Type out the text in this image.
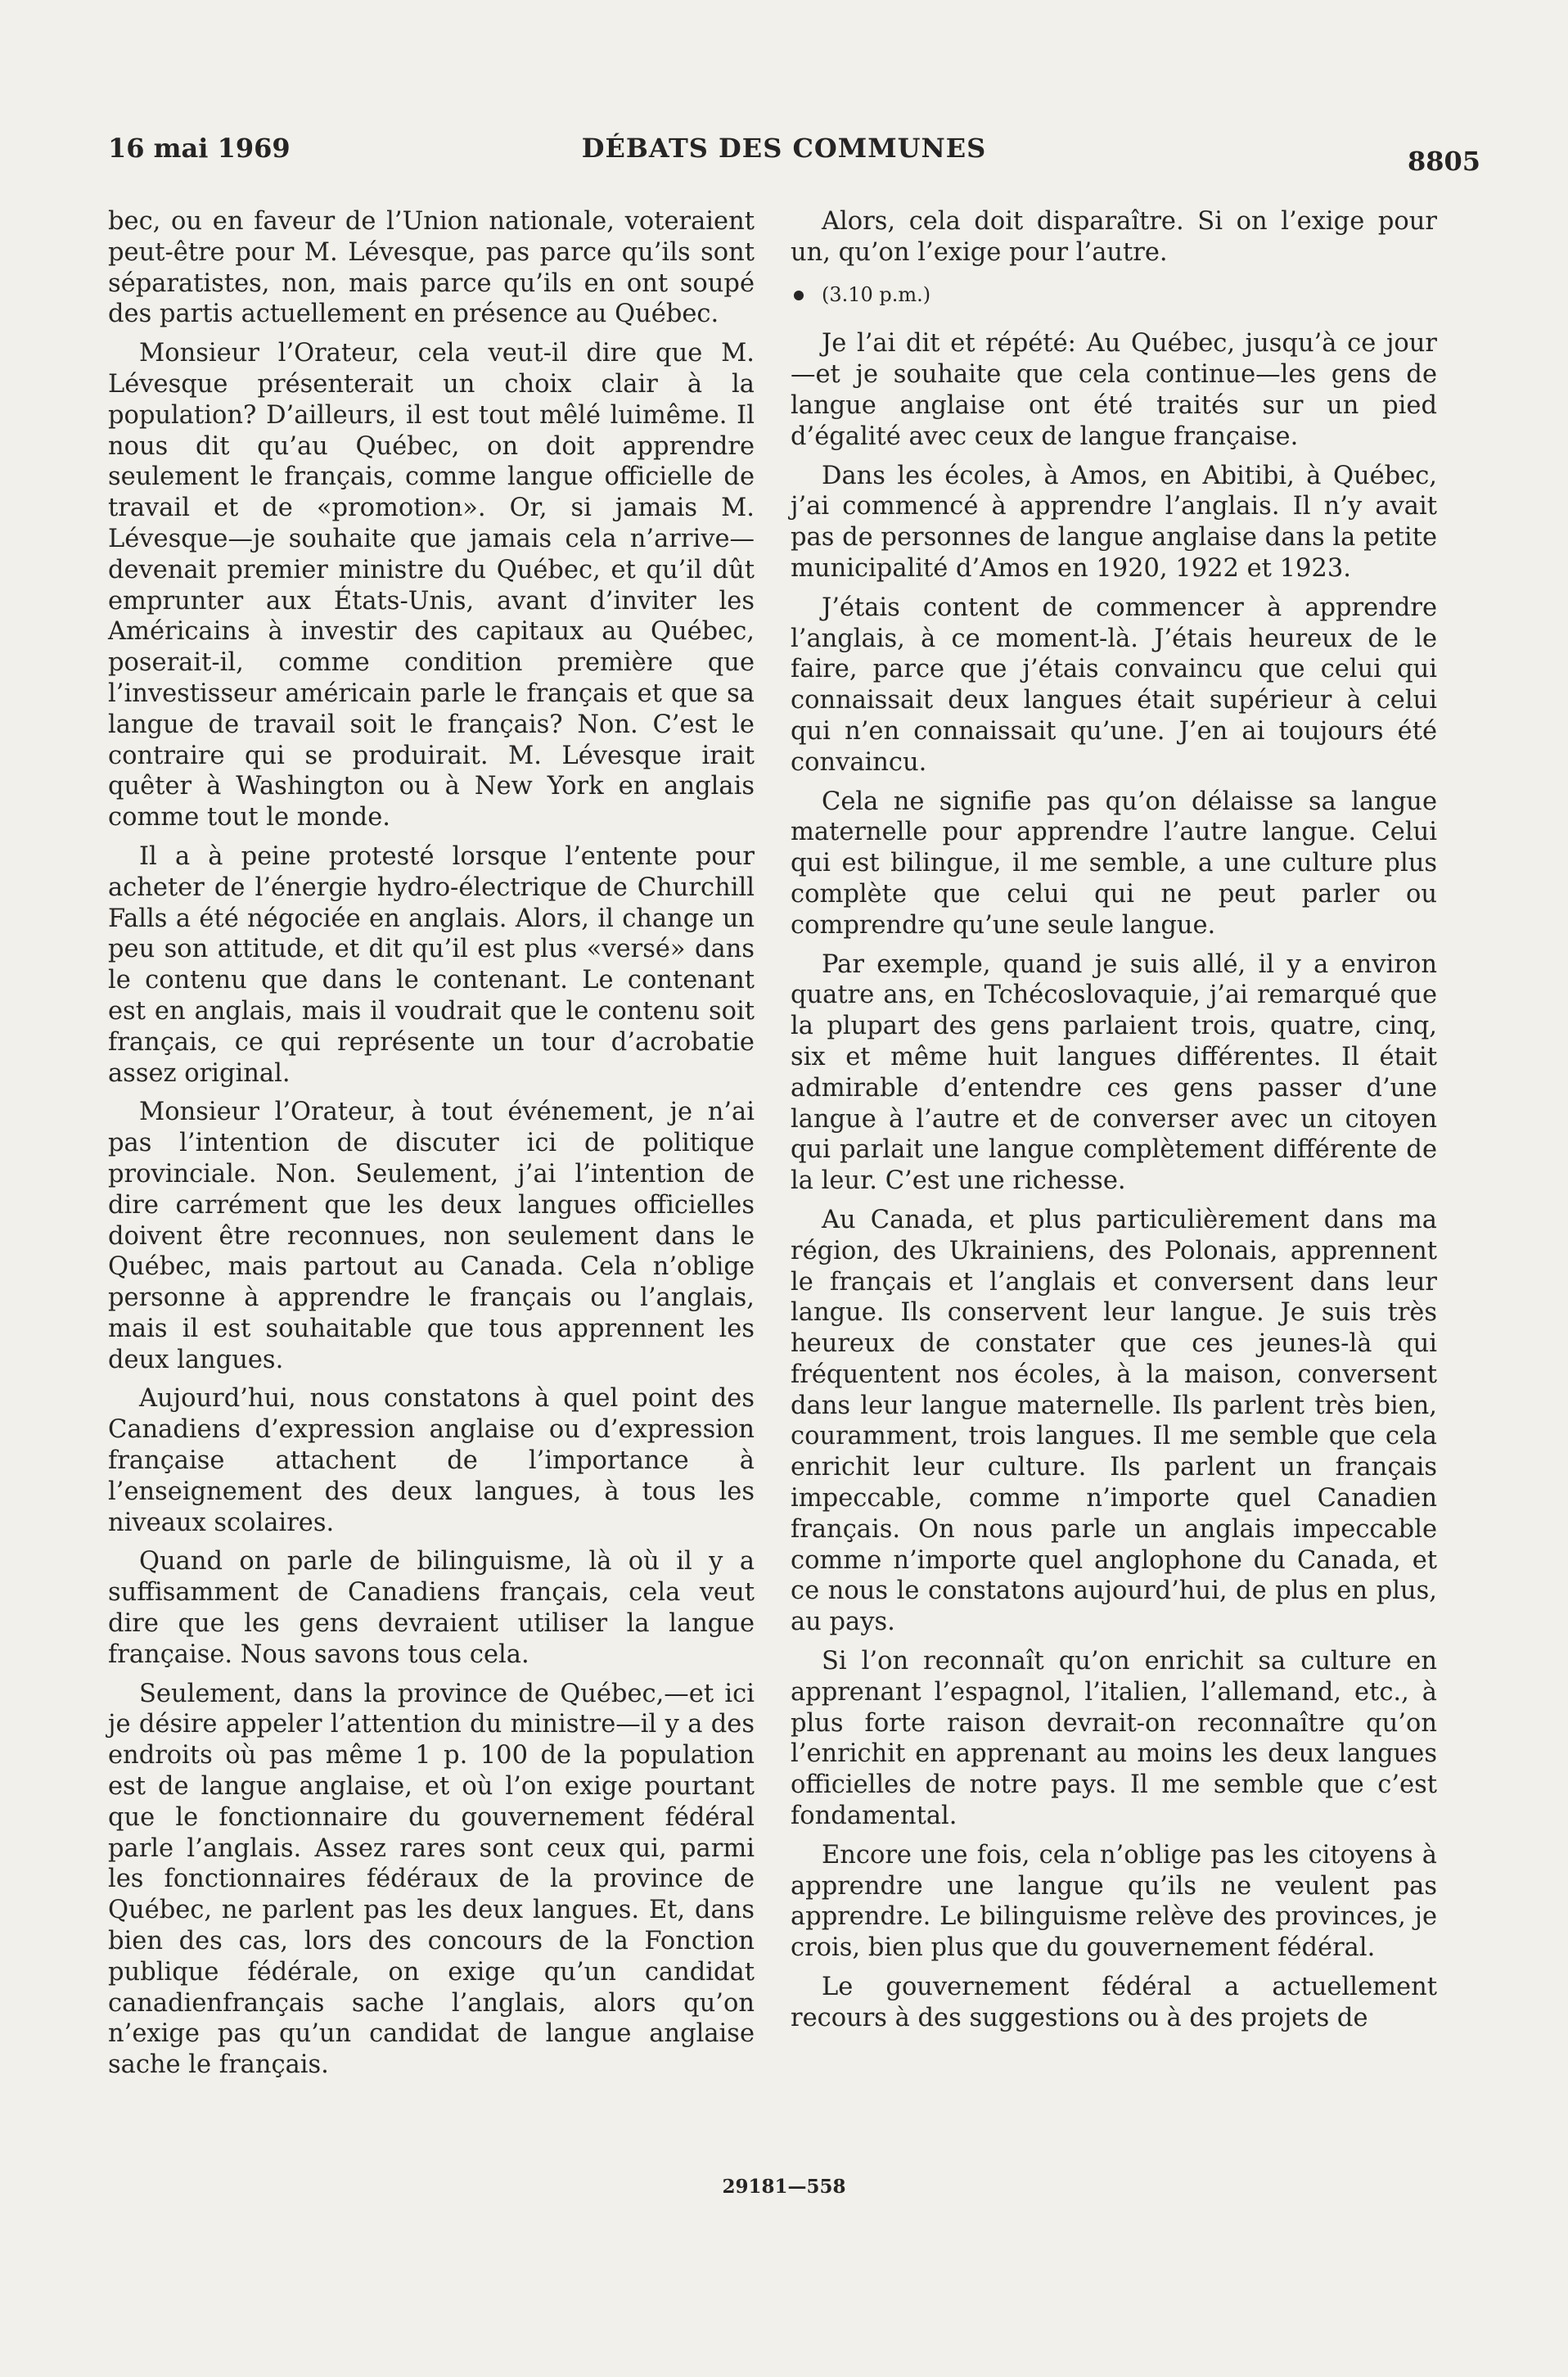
16 mai 1969	DÉBATS DES COMMUNES	8805

bec, ou en faveur de l’Union nationale, voteraient peut-être pour M. Lévesque, pas parce qu’ils sont séparatistes, non, mais parce qu’ils en ont soupé des partis actuellement en présence au Québec.

Monsieur l’Orateur, cela veut-il dire que M. Lévesque présenterait un choix clair à la population? D’ailleurs, il est tout mêlé luimême. Il nous dit qu’au Québec, on doit apprendre seulement le français, comme langue officielle de travail et de «promotion». Or, si jamais M. Lévesque—je souhaite que jamais cela n’arrive—devenait premier ministre du Québec, et qu’il dût emprunter aux États-Unis, avant d’inviter les Américains à investir des capitaux au Québec, poserait-il, comme condition première que l’investisseur américain parle le français et que sa langue de travail soit le français? Non. C’est le contraire qui se produirait. M. Lévesque irait quêter à Washington ou à New York en anglais comme tout le monde.

Il a à peine protesté lorsque l’entente pour acheter de l’énergie hydro-électrique de Churchill Falls a été négociée en anglais. Alors, il change un peu son attitude, et dit qu’il est plus «versé» dans le contenu que dans le contenant. Le contenant est en anglais, mais il voudrait que le contenu soit français, ce qui représente un tour d’acrobatie assez original.

Monsieur l’Orateur, à tout événement, je n’ai pas l’intention de discuter ici de politique provinciale. Non. Seulement, j’ai l’intention de dire carrément que les deux langues officielles doivent être reconnues, non seulement dans le Québec, mais partout au Canada. Cela n’oblige personne à apprendre le français ou l’anglais, mais il est souhaitable que tous apprennent les deux langues.

Aujourd’hui, nous constatons à quel point des Canadiens d’expression anglaise ou d’expression française attachent de l’importance à l’enseignement des deux langues, à tous les niveaux scolaires.

Quand on parle de bilinguisme, là où il y a suffisamment de Canadiens français, cela veut dire que les gens devraient utiliser la langue française. Nous savons tous cela.

Seulement, dans la province de Québec,—et ici je désire appeler l’attention du ministre—il y a des endroits où pas même 1 p. 100 de la population est de langue anglaise, et où l’on exige pourtant que le fonctionnaire du gouvernement fédéral parle l’anglais. Assez rares sont ceux qui, parmi les fonctionnaires fédéraux de la province de Québec, ne parlent pas les deux langues. Et, dans bien des cas, lors des concours de la Fonction publique fédérale, on exige qu’un candidat canadienfrançais sache l’anglais, alors qu’on n’exige pas qu’un candidat de langue anglaise sache le français.

Alors, cela doit disparaître. Si on l’exige pour un, qu’on l’exige pour l’autre.

(3.10 p.m.)

Je l’ai dit et répété: Au Québec, jusqu’à ce jour—et je souhaite que cela continue—les gens de langue anglaise ont été traités sur un pied d’égalité avec ceux de langue française.

Dans les écoles, à Amos, en Abitibi, à Québec, j’ai commencé à apprendre l’anglais. Il n’y avait pas de personnes de langue anglaise dans la petite municipalité d’Amos en 1920, 1922 et 1923.

J’étais content de commencer à apprendre l’anglais, à ce moment-là. J’étais heureux de le faire, parce que j’étais convaincu que celui qui connaissait deux langues était supérieur à celui qui n’en connaissait qu’une. J’en ai toujours été convaincu.

Cela ne signifie pas qu’on délaisse sa langue maternelle pour apprendre l’autre langue. Celui qui est bilingue, il me semble, a une culture plus complète que celui qui ne peut parler ou comprendre qu’une seule langue.

Par exemple, quand je suis allé, il y a environ quatre ans, en Tchécoslovaquie, j’ai remarqué que la plupart des gens parlaient trois, quatre, cinq, six et même huit langues différentes. Il était admirable d’entendre ces gens passer d’une langue à l’autre et de converser avec un citoyen qui parlait une langue complètement différente de la leur. C’est une richesse.

Au Canada, et plus particulièrement dans ma région, des Ukrainiens, des Polonais, apprennent le français et l’anglais et conversent dans leur langue. Ils conservent leur langue. Je suis très heureux de constater que ces jeunes-là qui fréquentent nos écoles, à la maison, conversent dans leur langue maternelle. Ils parlent très bien, couramment, trois langues. Il me semble que cela enrichit leur culture. Ils parlent un français impeccable, comme n’importe quel Canadien français. On nous parle un anglais impeccable comme n’importe quel anglophone du Canada, et ce nous le constatons aujourd’hui, de plus en plus, au pays.

Si l’on reconnaît qu’on enrichit sa culture en apprenant l’espagnol, l’italien, l’allemand, etc., à plus forte raison devrait-on reconnaître qu’on l’enrichit en apprenant au moins les deux langues officielles de notre pays. Il me semble que c’est fondamental.

Encore une fois, cela n’oblige pas les citoyens à apprendre une langue qu’ils ne veulent pas apprendre. Le bilinguisme relève des provinces, je crois, bien plus que du gouvernement fédéral.

Le gouvernement fédéral a actuellement recours à des suggestions ou à des projets de

29181—558
